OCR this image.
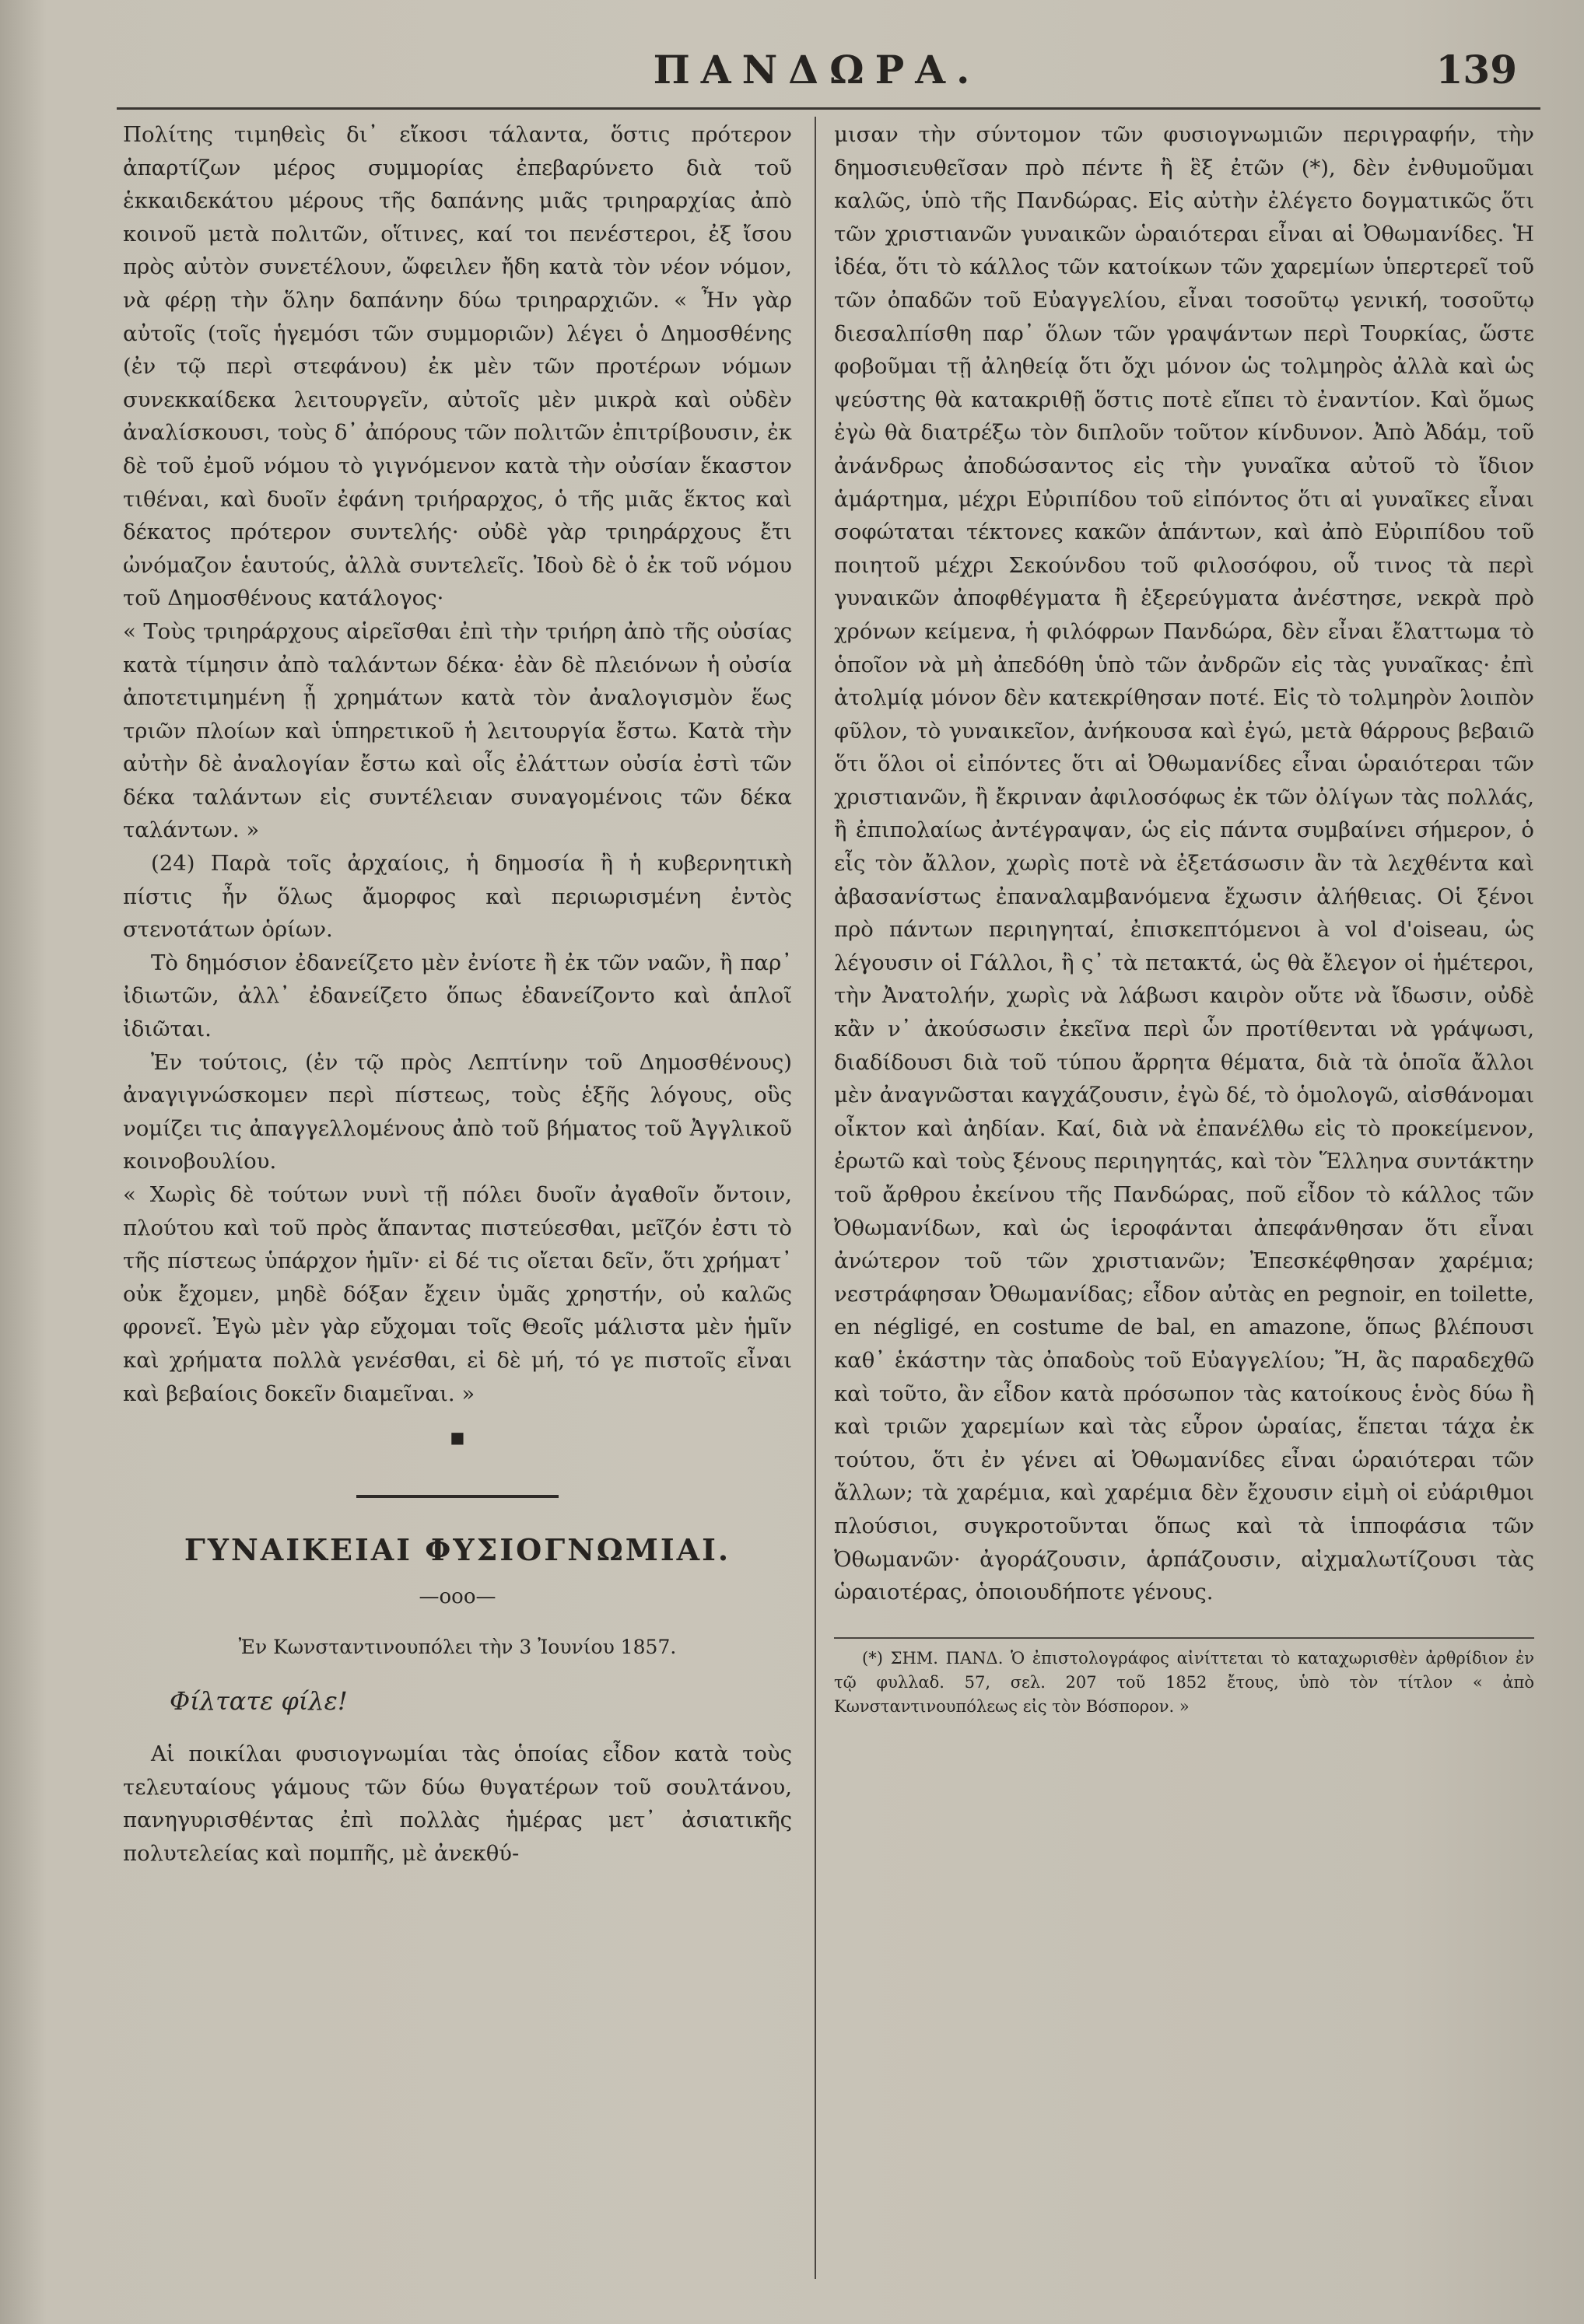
ΠΑΝΔΩΡΑ.	139

Πολίτης τιμηθεὶς δι᾽ εἴκοσι τάλαντα, ὅστις πρότερον ἀπαρτίζων μέρος συμμορίας ἐπεβαρύνετο διὰ τοῦ ἑκκαιδεκάτου μέρους τῆς δαπάνης μιᾶς τριηραρχίας ἀπὸ κοινοῦ μετὰ πολιτῶν, οἵτινες, καί τοι πενέστεροι, ἐξ ἴσου πρὸς αὐτὸν συνετέλουν, ὤφειλεν ἤδη κατὰ τὸν νέον νόμον, νὰ φέρῃ τὴν ὅλην δαπάνην δύω τριηραρχιῶν. « Ἦν γὰρ αὐτοῖς (τοῖς ἡγεμόσι τῶν συμμοριῶν) λέγει ὁ Δημοσθένης (ἐν τῷ περὶ στεφάνου) ἐκ μὲν τῶν προτέρων νόμων συνεκκαίδεκα λειτουργεῖν, αὐτοῖς μὲν μικρὰ καὶ οὐδὲν ἀναλίσκουσι, τοὺς δ᾽ ἀπόρους τῶν πολιτῶν ἐπιτρίβουσιν, ἐκ δὲ τοῦ ἐμοῦ νόμου τὸ γιγνόμενον κατὰ τὴν οὐσίαν ἕκαστον τιθέναι, καὶ δυοῖν ἐφάνη τριήραρχος, ὁ τῆς μιᾶς ἕκτος καὶ δέκατος πρότερον συντελής· οὐδὲ γὰρ τριηράρχους ἔτι ὠνόμαζον ἑαυτούς, ἀλλὰ συντελεῖς. Ἰδοὺ δὲ ὁ ἐκ τοῦ νόμου τοῦ Δημοσθένους κατάλογος·

« Τοὺς τριηράρχους αἱρεῖσθαι ἐπὶ τὴν τριήρη ἀπὸ τῆς οὐσίας κατὰ τίμησιν ἀπὸ ταλάντων δέκα· ἐὰν δὲ πλειόνων ἡ οὐσία ἀποτετιμημένη ᾖ χρημάτων κατὰ τὸν ἀναλογισμὸν ἕως τριῶν πλοίων καὶ ὑπηρετικοῦ ἡ λειτουργία ἔστω. Κατὰ τὴν αὐτὴν δὲ ἀναλογίαν ἔστω καὶ οἷς ἐλάττων οὐσία ἐστὶ τῶν δέκα ταλάντων εἰς συντέλειαν συναγομένοις τῶν δέκα ταλάντων. »

(24) Παρὰ τοῖς ἀρχαίοις, ἡ δημοσία ἢ ἡ κυβερνητικὴ πίστις ἦν ὅλως ἄμορφος καὶ περιωρισμένη ἐντὸς στενοτάτων ὁρίων.

Τὸ δημόσιον ἐδανείζετο μὲν ἐνίοτε ἢ ἐκ τῶν ναῶν, ἢ παρ᾽ ἰδιωτῶν, ἀλλ᾽ ἐδανείζετο ὅπως ἐδανείζοντο καὶ ἁπλοῖ ἰδιῶται.

Ἐν τούτοις, (ἐν τῷ πρὸς Λεπτίνην τοῦ Δημοσθένους) ἀναγιγνώσκομεν περὶ πίστεως, τοὺς ἑξῆς λόγους, οὓς νομίζει τις ἀπαγγελλομένους ἀπὸ τοῦ βήματος τοῦ Ἀγγλικοῦ κοινοβουλίου.

« Χωρὶς δὲ τούτων νυνὶ τῇ πόλει δυοῖν ἀγαθοῖν ὄντοιν, πλούτου καὶ τοῦ πρὸς ἅπαντας πιστεύεσθαι, μεῖζόν ἐστι τὸ τῆς πίστεως ὑπάρχον ἡμῖν· εἰ δέ τις οἴεται δεῖν, ὅτι χρήματ᾽ οὐκ ἔχομεν, μηδὲ δόξαν ἔχειν ὑμᾶς χρηστήν, οὐ καλῶς φρονεῖ. Ἐγὼ μὲν γὰρ εὔχομαι τοῖς Θεοῖς μάλιστα μὲν ἡμῖν καὶ χρήματα πολλὰ γενέσθαι, εἰ δὲ μή, τό γε πιστοῖς εἶναι καὶ βεβαίοις δοκεῖν διαμεῖναι. »

■
ΓΥΝΑΙΚΕΙΑΙ ΦΥΣΙΟΓΝΩΜΙΑΙ.
—ooo—
Ἐν Κωνσταντινουπόλει τὴν 3 Ἰουνίου 1857.
Φίλτατε φίλε!

Αἱ ποικίλαι φυσιογνωμίαι τὰς ὁποίας εἶδον κατὰ τοὺς τελευταίους γάμους τῶν δύω θυγατέρων τοῦ σουλτάνου, πανηγυρισθέντας ἐπὶ πολλὰς ἡμέρας μετ᾽ ἀσιατικῆς πολυτελείας καὶ πομπῆς, μὲ ἀνεκθύ-

μισαν τὴν σύντομον τῶν φυσιογνωμιῶν περιγραφήν, τὴν δημοσιευθεῖσαν πρὸ πέντε ἢ ἓξ ἐτῶν (*), δὲν ἐνθυμοῦμαι καλῶς, ὑπὸ τῆς Πανδώρας. Εἰς αὐτὴν ἐλέγετο δογματικῶς ὅτι τῶν χριστιανῶν γυναικῶν ὡραιότεραι εἶναι αἱ Ὀθωμανίδες. Ἡ ἰδέα, ὅτι τὸ κάλλος τῶν κατοίκων τῶν χαρεμίων ὑπερτερεῖ τοῦ τῶν ὀπαδῶν τοῦ Εὐαγγελίου, εἶναι τοσοῦτῳ γενική, τοσοῦτῳ διεσαλπίσθη παρ᾽ ὅλων τῶν γραψάντων περὶ Τουρκίας, ὥστε φοβοῦμαι τῇ ἀληθείᾳ ὅτι ὄχι μόνον ὡς τολμηρὸς ἀλλὰ καὶ ὡς ψεύστης θὰ κατακριθῇ ὅστις ποτὲ εἴπει τὸ ἐναντίον. Καὶ ὅμως ἐγὼ θὰ διατρέξω τὸν διπλοῦν τοῦτον κίνδυνον. Ἀπὸ Ἀδάμ, τοῦ ἀνάνδρως ἀποδώσαντος εἰς τὴν γυναῖκα αὐτοῦ τὸ ἴδιον ἁμάρτημα, μέχρι Εὐριπίδου τοῦ εἰπόντος ὅτι αἱ γυναῖκες εἶναι σοφώταται τέκτονες κακῶν ἁπάντων, καὶ ἀπὸ Εὐριπίδου τοῦ ποιητοῦ μέχρι Σεκούνδου τοῦ φιλοσόφου, οὗ τινος τὰ περὶ γυναικῶν ἀποφθέγματα ἢ ἐξερεύγματα ἀνέστησε, νεκρὰ πρὸ χρόνων κείμενα, ἡ φιλόφρων Πανδώρα, δὲν εἶναι ἔλαττωμα τὸ ὁποῖον νὰ μὴ ἀπεδόθη ὑπὸ τῶν ἀνδρῶν εἰς τὰς γυναῖκας· ἐπὶ ἀτολμίᾳ μόνον δὲν κατεκρίθησαν ποτέ. Εἰς τὸ τολμηρὸν λοιπὸν φῦλον, τὸ γυναικεῖον, ἀνήκουσα καὶ ἐγώ, μετὰ θάρρους βεβαιῶ ὅτι ὅλοι οἱ εἰπόντες ὅτι αἱ Ὀθωμανίδες εἶναι ὡραιότεραι τῶν χριστιανῶν, ἢ ἔκριναν ἀφιλοσόφως ἐκ τῶν ὀλίγων τὰς πολλάς, ἢ ἐπιπολαίως ἀντέγραψαν, ὡς εἰς πάντα συμβαίνει σήμερον, ὁ εἷς τὸν ἄλλον, χωρὶς ποτὲ νὰ ἐξετάσωσιν ἂν τὰ λεχθέντα καὶ ἀβασανίστως ἐπαναλαμβανόμενα ἔχωσιν ἀλήθειας. Οἱ ξένοι πρὸ πάντων περιηγηταί, ἐπισκεπτόμενοι à vol d'oiseau, ὡς λέγουσιν οἱ Γάλλοι, ἢ ς᾽ τὰ πετακτά, ὡς θὰ ἔλεγον οἱ ἡμέτεροι, τὴν Ἀνατολήν, χωρὶς νὰ λάβωσι καιρὸν οὔτε νὰ ἴδωσιν, οὐδὲ κἂν ν᾽ ἀκούσωσιν ἐκεῖνα περὶ ὧν προτίθενται νὰ γράψωσι, διαδίδουσι διὰ τοῦ τύπου ἄρρητα θέματα, διὰ τὰ ὁποῖα ἄλλοι μὲν ἀναγνῶσται καγχάζουσιν, ἐγὼ δέ, τὸ ὁμολογῶ, αἰσθάνομαι οἶκτον καὶ ἀηδίαν. Καί, διὰ νὰ ἐπανέλθω εἰς τὸ προκείμενον, ἐρωτῶ καὶ τοὺς ξένους περιηγητάς, καὶ τὸν Ἕλληνα συντάκτην τοῦ ἄρθρου ἐκείνου τῆς Πανδώρας, ποῦ εἶδον τὸ κάλλος τῶν Ὀθωμανίδων, καὶ ὡς ἱεροφάνται ἀπεφάνθησαν ὅτι εἶναι ἀνώτερον τοῦ τῶν χριστιανῶν; Ἐπεσκέφθησαν χαρέμια; νεστράφησαν Ὀθωμανίδας; εἶδον αὐτὰς en pegnoir, en toilette, en négligé, en costume de bal, en amazone, ὅπως βλέπουσι καθ᾽ ἑκάστην τὰς ὀπαδοὺς τοῦ Εὐαγγελίου; Ἤ, ἂς παραδεχθῶ καὶ τοῦτο, ἂν εἶδον κατὰ πρόσωπον τὰς κατοίκους ἑνὸς δύω ἢ καὶ τριῶν χαρεμίων καὶ τὰς εὗρον ὡραίας, ἕπεται τάχα ἐκ τούτου, ὅτι ἐν γένει αἱ Ὀθωμανίδες εἶναι ὡραιότεραι τῶν ἄλλων; τὰ χαρέμια, καὶ χαρέμια δὲν ἔχουσιν εἰμὴ οἱ εὐάριθμοι πλούσιοι, συγκροτοῦνται ὅπως καὶ τὰ ἱπποφάσια τῶν Ὀθωμανῶν· ἀγοράζουσιν, ἁρπάζουσιν, αἰχμαλωτίζουσι τὰς ὡραιοτέρας, ὁποιουδήποτε γένους.

(*) ΣΗΜ. ΠΑΝΔ. Ὁ ἐπιστολογράφος αἰνίττεται τὸ καταχωρισθὲν ἀρθρίδιον ἐν τῷ φυλλαδ. 57, σελ. 207 τοῦ 1852 ἔτους, ὑπὸ τὸν τίτλον « ἀπὸ Κωνσταντινουπόλεως εἰς τὸν Βόσπορον. »
